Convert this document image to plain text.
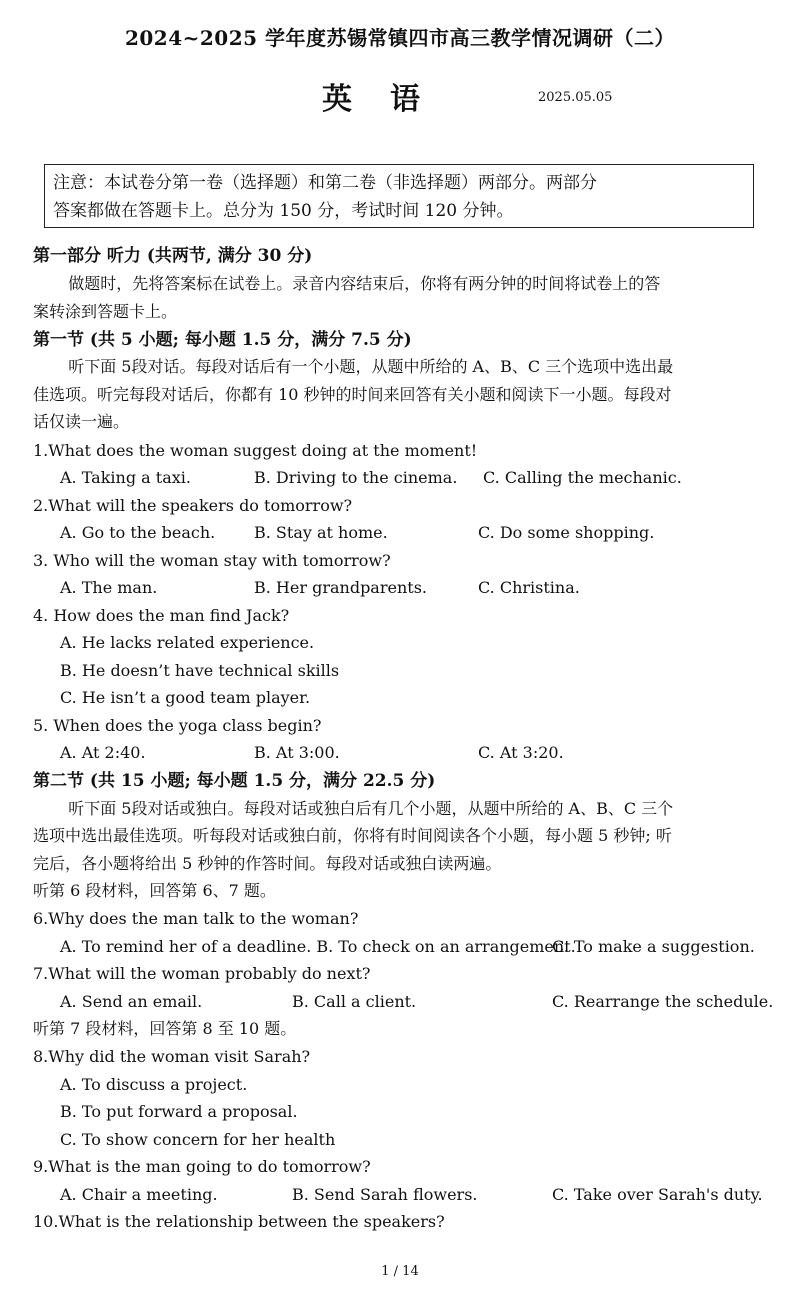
2024~2025 学年度苏锡常镇四市高三教学情况调研（二）
英语	2025.05.05
注意：本试卷分第一卷（选择题）和第二卷（非选择题）两部分。两部分
答案都做在答题卡上。总分为 150 分，考试时间 120 分钟。
第一部分 听力 (共两节, 满分 30 分)
做题时，先将答案标在试卷上。录音内容结束后，你将有两分钟的时间将试卷上的答
案转涂到答题卡上。
第一节 (共 5 小题; 每小题 1.5 分，满分 7.5 分)
听下面 5段对话。每段对话后有一个小题，从题中所给的 A、B、C 三个选项中选出最
佳选项。听完每段对话后，你都有 10 秒钟的时间来回答有关小题和阅读下一小题。每段对
话仅读一遍。
1.What does the woman suggest doing at the moment!
A. Taking a taxi.	B. Driving to the cinema. C. Calling the mechanic.
2.What will the speakers do tomorrow?
A. Go to the beach. B. Stay at home.	C. Do some shopping.
3. Who will the woman stay with tomorrow?
A. The man.	B. Her grandparents.	C. Christina.
4. How does the man find Jack?
A. He lacks related experience.
B. He doesn’t have technical skills
C. He isn’t a good team player.
5. When does the yoga class begin?
A. At 2:40.	B. At 3:00.	C. At 3:20.
第二节 (共 15 小题; 每小题 1.5 分，满分 22.5 分)
听下面 5段对话或独白。每段对话或独白后有几个小题，从题中所给的 A、B、C 三个
选项中选出最佳选项。听每段对话或独白前，你将有时间阅读各个小题，每小题 5 秒钟; 听
完后，各小题将给出 5 秒钟的作答时间。每段对话或独白读两遍。
听第 6 段材料，回答第 6、7 题。
6.Why does the man talk to the woman?
A. To remind her of a deadline. B. To check on an arrangement.
C. To make a suggestion.
7.What will the woman probably do next?
A. Send an email.	B. Call a client.	C. Rearrange the schedule.
听第 7 段材料，回答第 8 至 10 题。
8.Why did the woman visit Sarah?
A. To discuss a project.
B. To put forward a proposal.
C. To show concern for her health
9.What is the man going to do tomorrow?
A. Chair a meeting.	B. Send Sarah flowers.	C. Take over Sarah's duty.
10.What is the relationship between the speakers?
1 / 14
